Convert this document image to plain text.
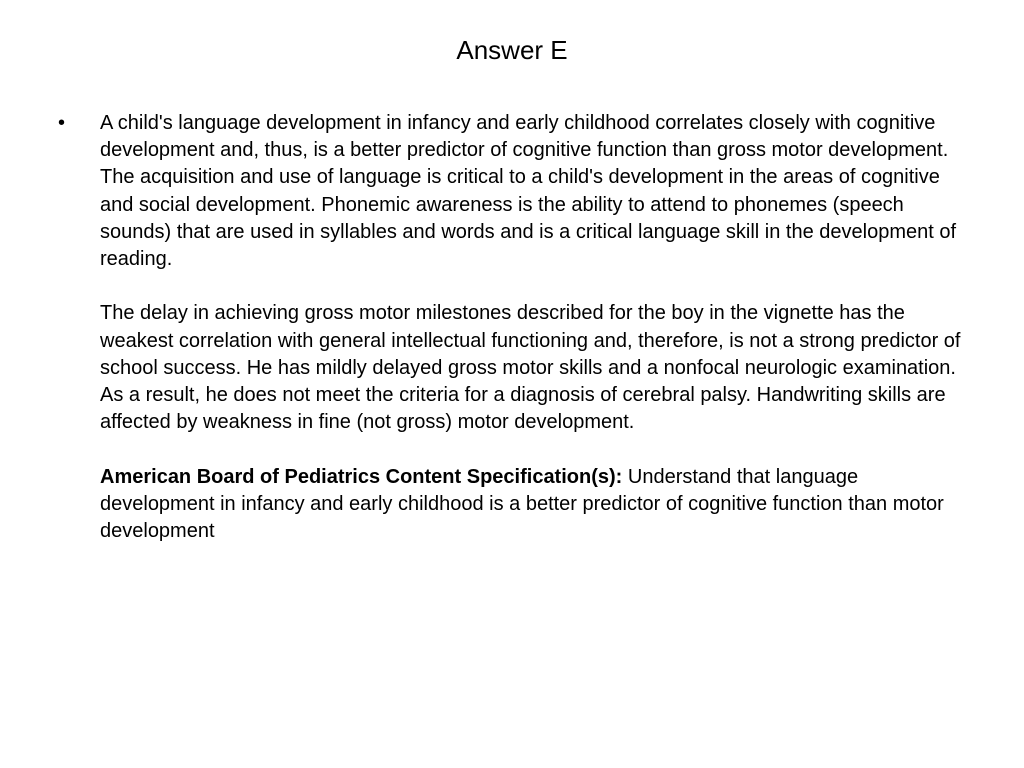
Answer E
• A child's language development in infancy and early childhood correlates closely with cognitive development and, thus, is a better predictor of cognitive function than gross motor development. The acquisition and use of language is critical to a child's development in the areas of cognitive and social development. Phonemic awareness is the ability to attend to phonemes (speech sounds) that are used in syllables and words and is a critical language skill in the development of reading.

The delay in achieving gross motor milestones described for the boy in the vignette has the weakest correlation with general intellectual functioning and, therefore, is not a strong predictor of school success. He has mildly delayed gross motor skills and a nonfocal neurologic examination. As a result, he does not meet the criteria for a diagnosis of cerebral palsy. Handwriting skills are affected by weakness in fine (not gross) motor development.

American Board of Pediatrics Content Specification(s): Understand that language development in infancy and early childhood is a better predictor of cognitive function than motor development
